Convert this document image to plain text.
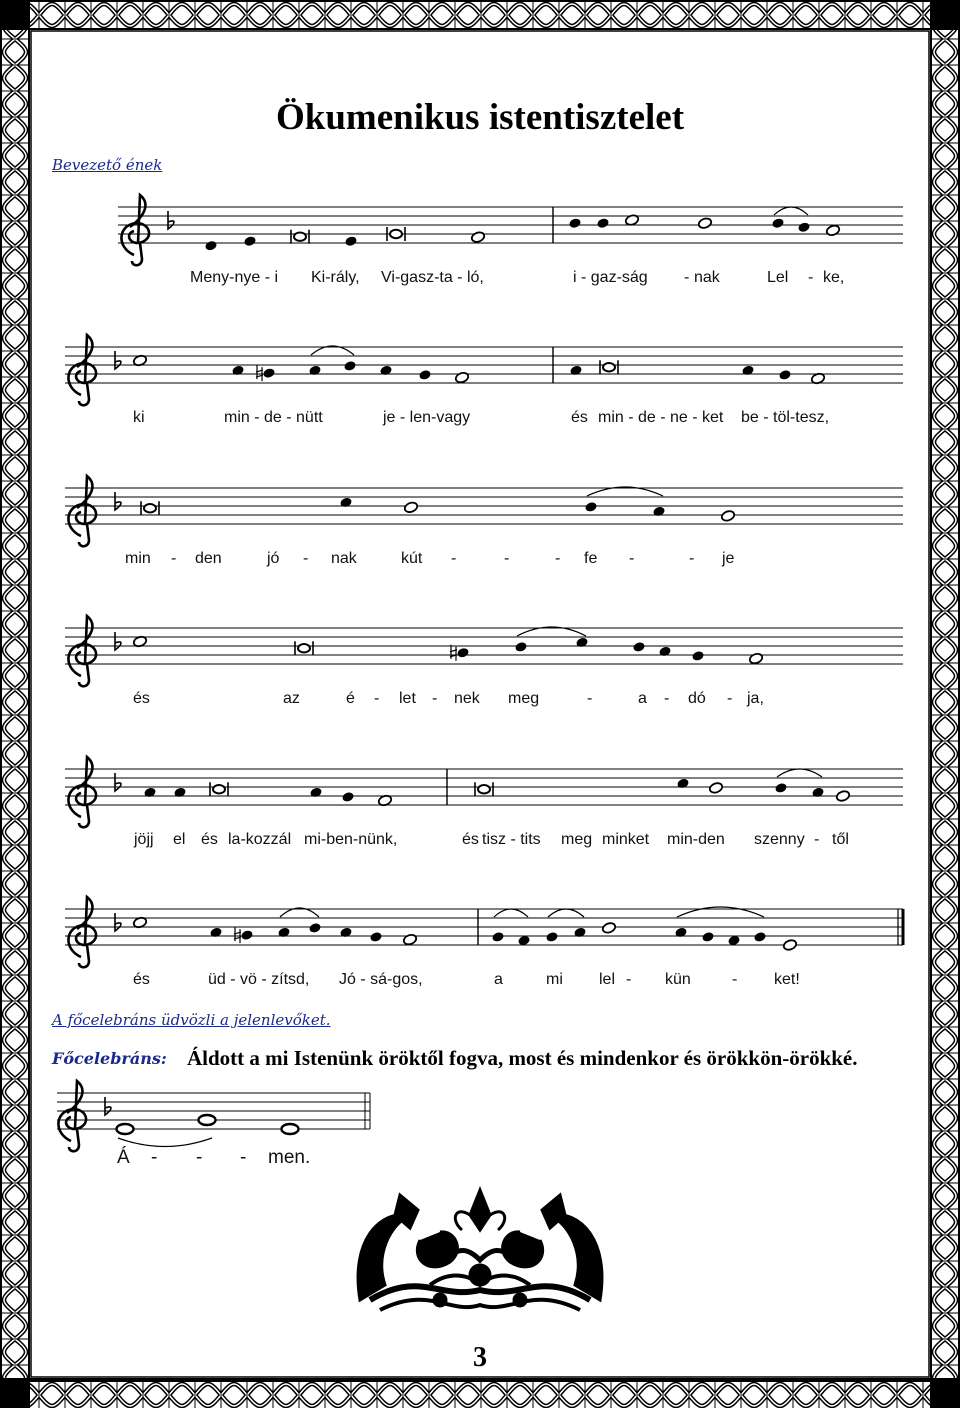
Ökumenikus istentisztelet
Bevezető ének
Meny-nye - i Ki-rály, Vi-gasz-ta - ló,	i - gaz-ság - nak	Lel - ke,
ki	min - de - nütt	je - len-vagy	és min - de - ne - ket be - töl-tesz,
min - den	jó - nak	kút -	-	- fe -	- je
és	az	é - let - nek meg	-	a - dó - ja,
jöjj el és la-kozzál mi-ben-nünk,	és tisz - tits meg minket min-den szenny - től
és	üd - vö - zítsd, Jó - sá-gos,	a	mi lel - kün	- ket!
Á - - - men.
A főcelebráns üdvözli a jelenlevőket.
Főcelebráns: Áldott a mi Istenünk öröktől fogva, most és mindenkor és örökkön-örökké.
3
